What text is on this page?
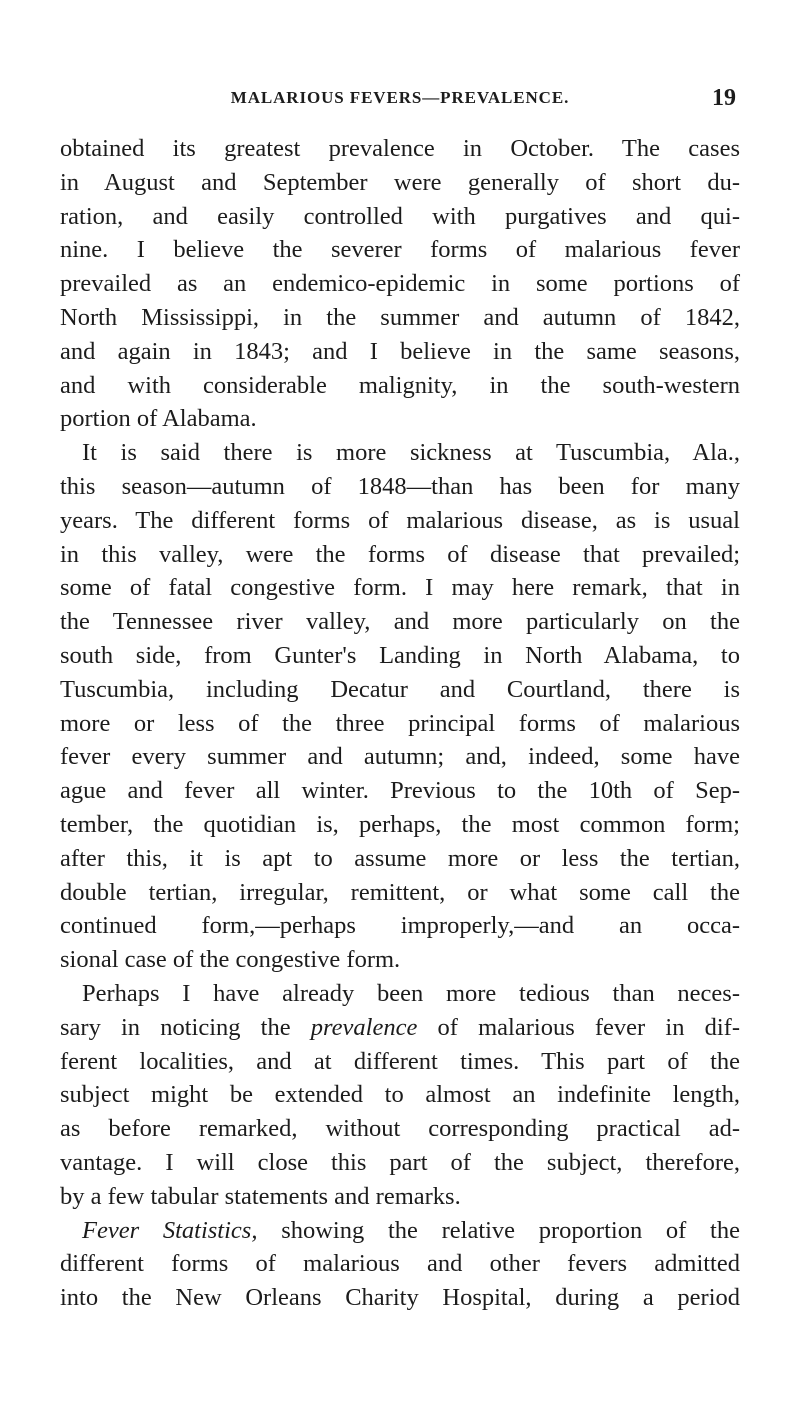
MALARIOUS FEVERS—PREVALENCE.	19
obtained its greatest prevalence in October. The cases
in August and September were generally of short du-
ration, and easily controlled with purgatives and qui-
nine. I believe the severer forms of malarious fever
prevailed as an endemico-epidemic in some portions of
North Mississippi, in the summer and autumn of 1842,
and again in 1843; and I believe in the same seasons,
and with considerable malignity, in the south-western
portion of Alabama.
It is said there is more sickness at Tuscumbia, Ala.,
this season—autumn of 1848—than has been for many
years. The different forms of malarious disease, as is usual
in this valley, were the forms of disease that prevailed;
some of fatal congestive form. I may here remark, that in
the Tennessee river valley, and more particularly on the
south side, from Gunter's Landing in North Alabama, to
Tuscumbia, including Decatur and Courtland, there is
more or less of the three principal forms of malarious
fever every summer and autumn; and, indeed, some have
ague and fever all winter. Previous to the 10th of Sep-
tember, the quotidian is, perhaps, the most common form;
after this, it is apt to assume more or less the tertian,
double tertian, irregular, remittent, or what some call the
continued form,—perhaps improperly,—and an occa-
sional case of the congestive form.
Perhaps I have already been more tedious than neces-
sary in noticing the prevalence of malarious fever in dif-
ferent localities, and at different times. This part of the
subject might be extended to almost an indefinite length,
as before remarked, without corresponding practical ad-
vantage. I will close this part of the subject, therefore,
by a few tabular statements and remarks.
Fever Statistics, showing the relative proportion of the
different forms of malarious and other fevers admitted
into the New Orleans Charity Hospital, during a period
